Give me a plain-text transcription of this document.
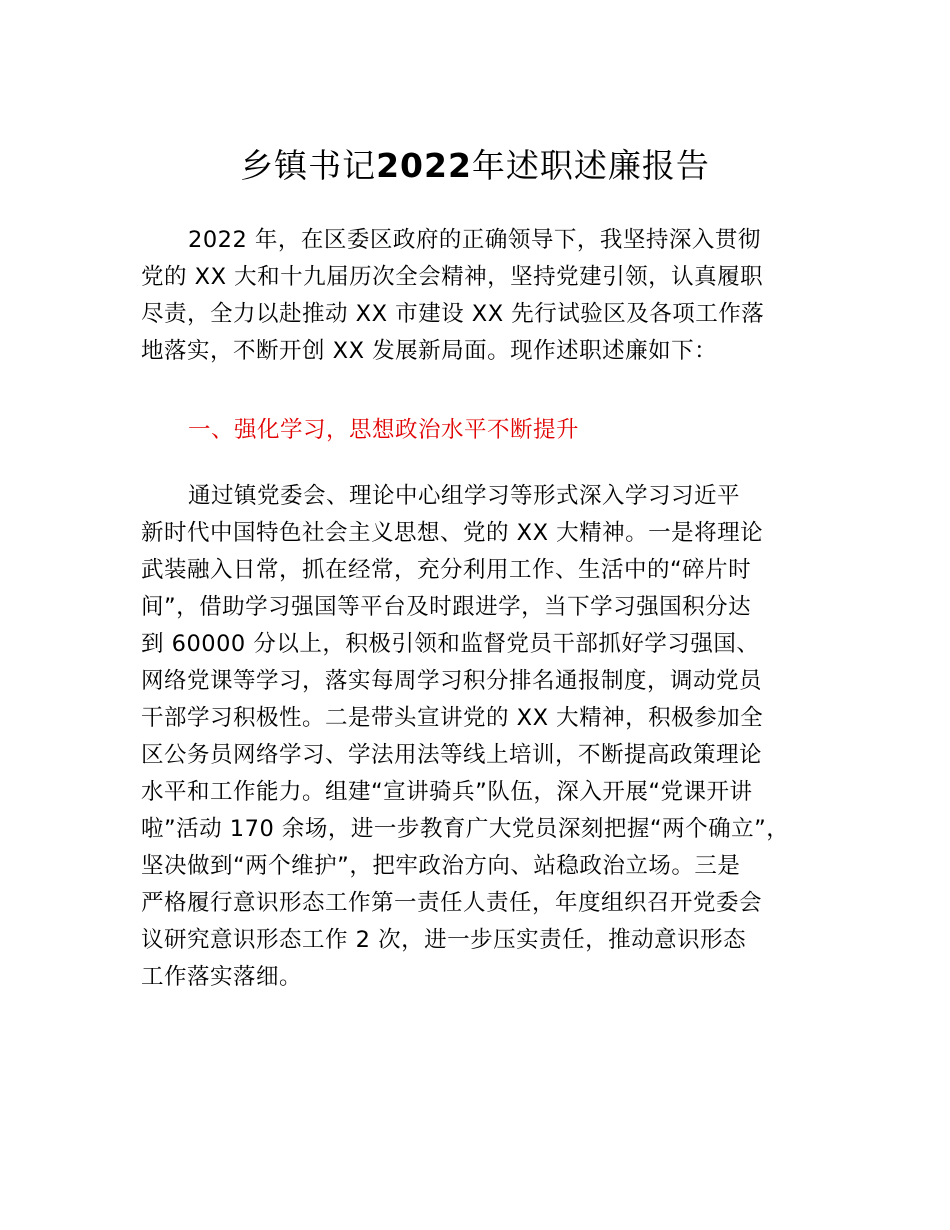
乡镇书记2022年述职述廉报告
2022 年，在区委区政府的正确领导下，我坚持深入贯彻
党的 XX 大和十九届历次全会精神，坚持党建引领，认真履职
尽责，全力以赴推动 XX 市建设 XX 先行试验区及各项工作落
地落实，不断开创 XX 发展新局面。现作述职述廉如下：
一、强化学习，思想政治水平不断提升
通过镇党委会、理论中心组学习等形式深入学习习近平
新时代中国特色社会主义思想、党的 XX 大精神。一是将理论
武装融入日常，抓在经常，充分利用工作、生活中的“碎片时
间”，借助学习强国等平台及时跟进学，当下学习强国积分达
到 60000 分以上，积极引领和监督党员干部抓好学习强国、
网络党课等学习，落实每周学习积分排名通报制度，调动党员
干部学习积极性。二是带头宣讲党的 XX 大精神，积极参加全
区公务员网络学习、学法用法等线上培训，不断提高政策理论
水平和工作能力。组建“宣讲骑兵”队伍，深入开展“党课开讲
啦”活动 170 余场，进一步教育广大党员深刻把握“两个确立”，
坚决做到“两个维护”，把牢政治方向、站稳政治立场。三是
严格履行意识形态工作第一责任人责任，年度组织召开党委会
议研究意识形态工作 2 次，进一步压实责任，推动意识形态
工作落实落细。
